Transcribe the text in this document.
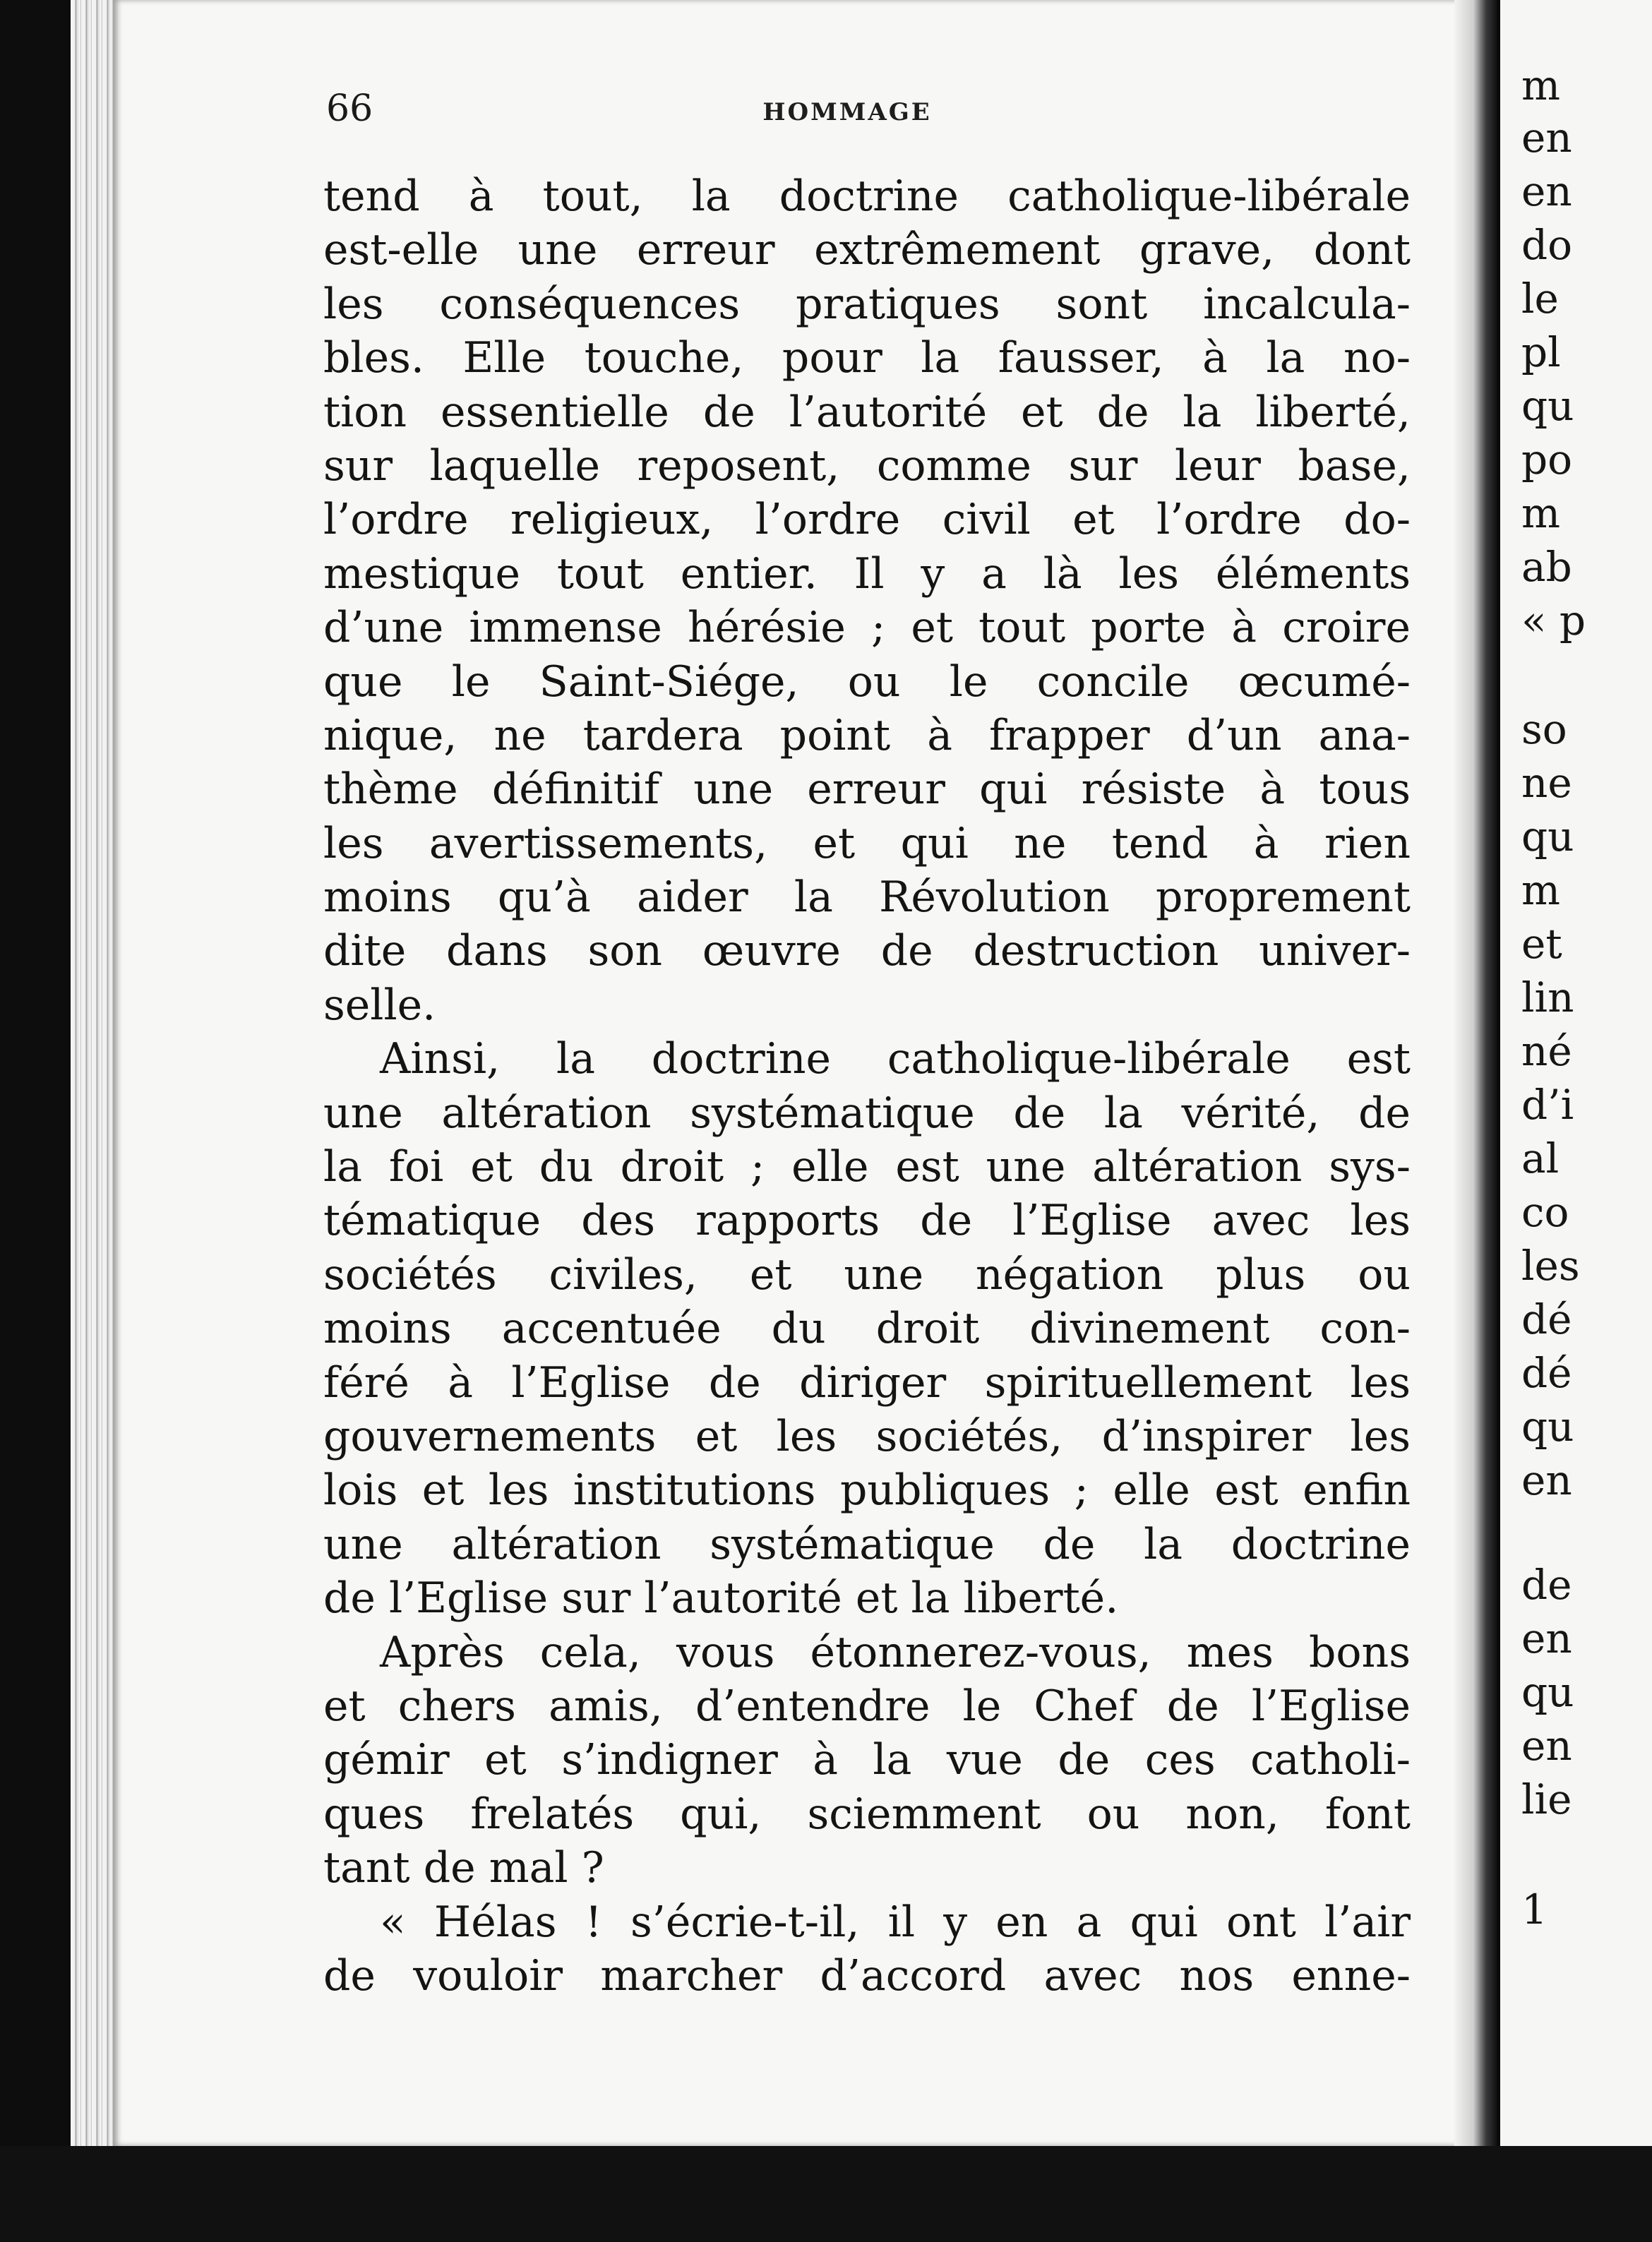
m
en
en
do
le
pl
qu
po
m
ab
« p
so
ne
qu
m
et
lin
né
d’i
al
co
les
dé
dé
qu
en
de
en
qu
en
lie
1
66	HOMMAGE
tend à tout, la doctrine catholique-libérale
est-elle une erreur extrêmement grave, dont
les conséquences pratiques sont incalcula-
bles. Elle touche, pour la fausser, à la no-
tion essentielle de l’autorité et de la liberté,
sur laquelle reposent, comme sur leur base,
l’ordre religieux, l’ordre civil et l’ordre do-
mestique tout entier. Il y a là les éléments
d’une immense hérésie ; et tout porte à croire
que le Saint-Siége, ou le concile œcumé-
nique, ne tardera point à frapper d’un ana-
thème définitif une erreur qui résiste à tous
les avertissements, et qui ne tend à rien
moins qu’à aider la Révolution proprement
dite dans son œuvre de destruction univer-
selle.
Ainsi, la doctrine catholique-libérale est
une altération systématique de la vérité, de
la foi et du droit ; elle est une altération sys-
tématique des rapports de l’Eglise avec les
sociétés civiles, et une négation plus ou
moins accentuée du droit divinement con-
féré à l’Eglise de diriger spirituellement les
gouvernements et les sociétés, d’inspirer les
lois et les institutions publiques ; elle est enfin
une altération systématique de la doctrine
de l’Eglise sur l’autorité et la liberté.
Après cela, vous étonnerez-vous, mes bons
et chers amis, d’entendre le Chef de l’Eglise
gémir et s’indigner à la vue de ces catholi-
ques frelatés qui, sciemment ou non, font
tant de mal ?
« Hélas ! s’écrie-t-il, il y en a qui ont l’air
de vouloir marcher d’accord avec nos enne-
